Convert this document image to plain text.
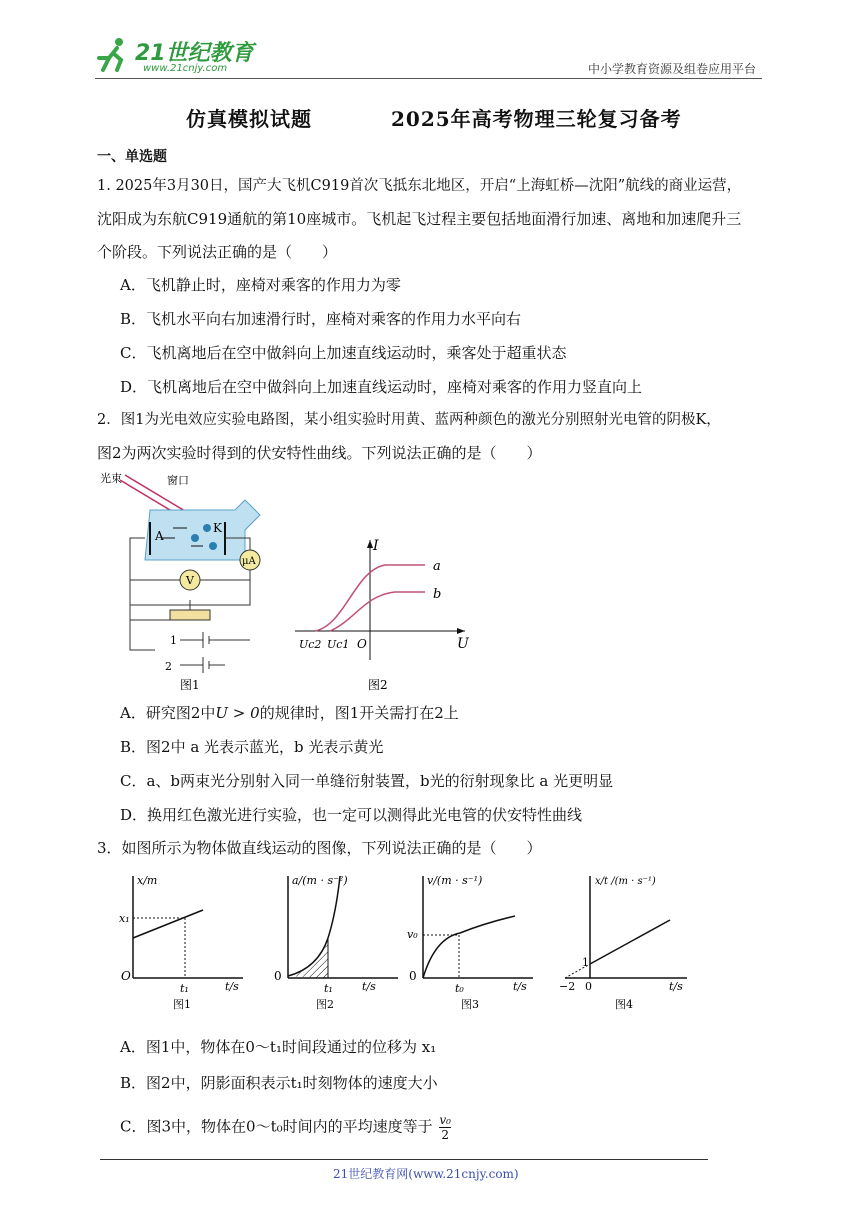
21世纪教育
www.21cnjy.com	中小学教育资源及组卷应用平台
仿真模拟试题	2025年高考物理三轮复习备考
一、单选题
1. 2025年3月30日，国产大飞机C919首次飞抵东北地区，开启“上海虹桥—沈阳”航线的商业运营，
沈阳成为东航C919通航的第10座城市。飞机起飞过程主要包括地面滑行加速、离地和加速爬升三
个阶段。下列说法正确的是（　　）
A．飞机静止时，座椅对乘客的作用力为零
B．飞机水平向右加速滑行时，座椅对乘客的作用力水平向右
C．飞机离地后在空中做斜向上加速直线运动时，乘客处于超重状态
D．飞机离地后在空中做斜向上加速直线运动时，座椅对乘客的作用力竖直向上
2．图1为光电效应实验电路图，某小组实验时用黄、蓝两种颜色的激光分别照射光电管的阴极K，
图2为两次实验时得到的伏安特性曲线。下列说法正确的是（　　）
光束	窗口
A
K
μA
V
1
2
图1
I
U
a
b
O
Uc2 Uc1
图2
A．研究图2中U > 0的规律时，图1开关需打在2上
B．图2中 a 光表示蓝光，b 光表示黄光
C．a、b两束光分别射入同一单缝衍射装置，b光的衍射现象比 a 光更明显
D．换用红色激光进行实验，也一定可以测得此光电管的伏安特性曲线
3．如图所示为物体做直线运动的图像，下列说法正确的是（　　）
x/m
x₁
O
t₁	t/s
图1
a/(m · s⁻²)
0
t₁	t/s
图2
v/(m · s⁻¹)
v₀
0
t₀	t/s
图3
x/t /(m · s⁻¹)
1
−2 0	t/s
图4
A．图1中，物体在0～t₁时间段通过的位移为 x₁
B．图2中，阴影面积表示t₁时刻物体的速度大小
C．图3中，物体在0～t₀时间内的平均速度等于 $\frac{\text{v₀}}{2}$
21世纪教育网(www.21cnjy.com)
